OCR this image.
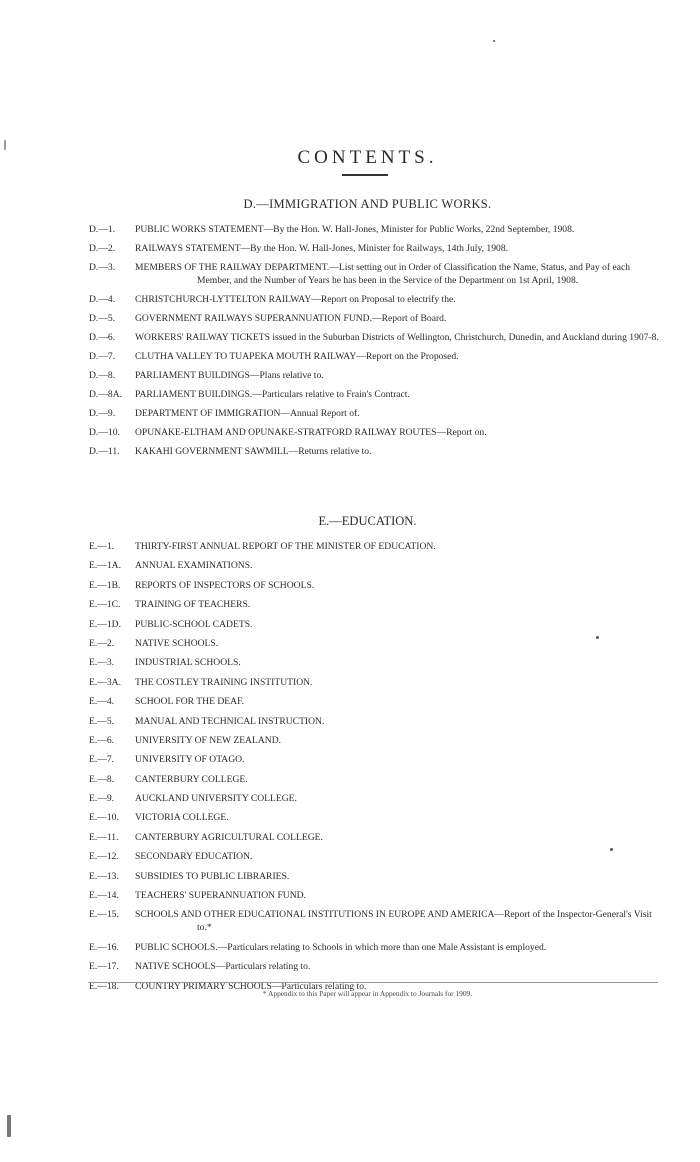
CONTENTS.
D.—IMMIGRATION AND PUBLIC WORKS.
D.—1.	PUBLIC WORKS STATEMENT—By the Hon. W. Hall-Jones, Minister for Public Works, 22nd September, 1908.
D.—2.	RAILWAYS STATEMENT—By the Hon. W. Hall-Jones, Minister for Railways, 14th July, 1908.
D.—3.	MEMBERS OF THE RAILWAY DEPARTMENT.—List setting out in Order of Classification the Name, Status, and Pay of each Member, and the Number of Years he has been in the Service of the Department on 1st April, 1908.
D.—4.	CHRISTCHURCH-LYTTELTON RAILWAY—Report on Proposal to electrify the.
D.—5.	GOVERNMENT RAILWAYS SUPERANNUATION FUND.—Report of Board.
D.—6.	WORKERS' RAILWAY TICKETS issued in the Suburban Districts of Wellington, Christchurch, Dunedin, and Auckland during 1907-8.
D.—7.	CLUTHA VALLEY TO TUAPEKA MOUTH RAILWAY—Report on the Proposed.
D.—8.	PARLIAMENT BUILDINGS—Plans relative to.
D.—8A.	PARLIAMENT BUILDINGS.—Particulars relative to Frain's Contract.
D.—9.	DEPARTMENT OF IMMIGRATION—Annual Report of.
D.—10.	OPUNAKE-ELTHAM AND OPUNAKE-STRATFORD RAILWAY ROUTES—Report on.
D.—11.	KAKAHI GOVERNMENT SAWMILL—Returns relative to.
E.—EDUCATION.
E.—1.	THIRTY-FIRST ANNUAL REPORT OF THE MINISTER OF EDUCATION.
E.—1A.	ANNUAL EXAMINATIONS.
E.—1B.	REPORTS OF INSPECTORS OF SCHOOLS.
E.—1C.	TRAINING OF TEACHERS.
E.—1D.	PUBLIC-SCHOOL CADETS.
E.—2.	NATIVE SCHOOLS.
E.—3.	INDUSTRIAL SCHOOLS.
E.—3A.	THE COSTLEY TRAINING INSTITUTION.
E.—4.	SCHOOL FOR THE DEAF.
E.—5.	MANUAL AND TECHNICAL INSTRUCTION.
E.—6.	UNIVERSITY OF NEW ZEALAND.
E.—7.	UNIVERSITY OF OTAGO.
E.—8.	CANTERBURY COLLEGE.
E.—9.	AUCKLAND UNIVERSITY COLLEGE.
E.—10.	VICTORIA COLLEGE.
E.—11.	CANTERBURY AGRICULTURAL COLLEGE.
E.—12.	SECONDARY EDUCATION.
E.—13.	SUBSIDIES TO PUBLIC LIBRARIES.
E.—14.	TEACHERS' SUPERANNUATION FUND.
E.—15.	SCHOOLS AND OTHER EDUCATIONAL INSTITUTIONS IN EUROPE AND AMERICA—Report of the Inspector-General's Visit to.*
E.—16.	PUBLIC SCHOOLS.—Particulars relating to Schools in which more than one Male Assistant is employed.
E.—17.	NATIVE SCHOOLS—Particulars relating to.
E.—18.	COUNTRY PRIMARY SCHOOLS—Particulars relating to.
* Appendix to this Paper will appear in Appendix to Journals for 1909.
